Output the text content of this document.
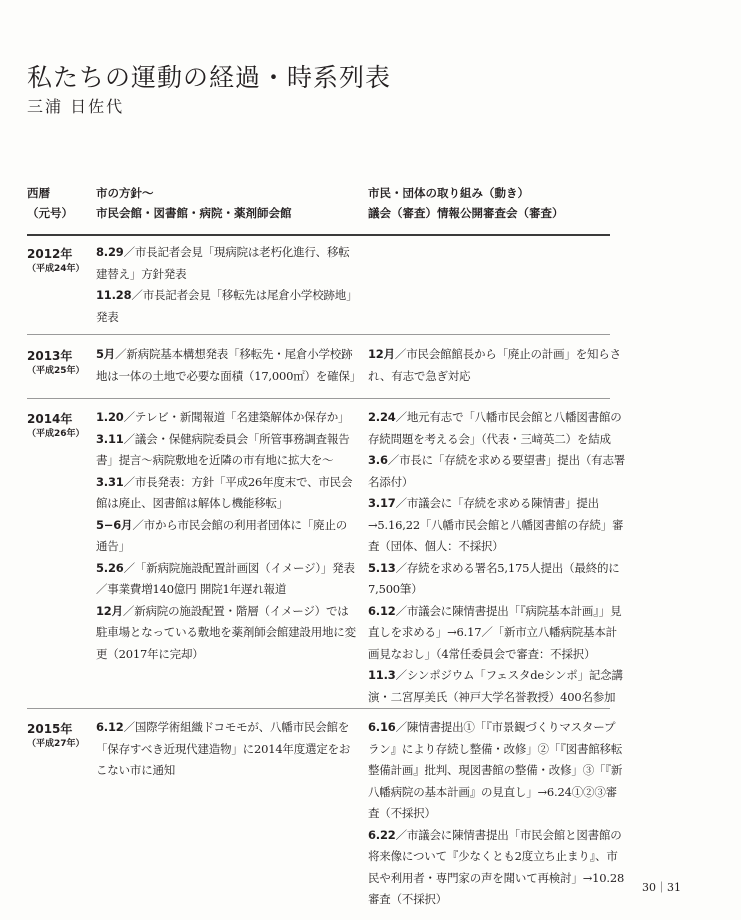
私たちの運動の経過・時系列表
三浦 日佐代
西暦
（元号）
市の方針〜
市民会館・図書館・病院・薬剤師会館
市民・団体の取り組み（動き）
議会（審査）情報公開審査会（審査）
2012年
（平成24年）

8.29／市長記者会見「現病院は老朽化進行、移転建替え」方針発表

11.28／市長記者会見「移転先は尾倉小学校跡地」発表

2013年
（平成25年）

5月／新病院基本構想発表「移転先・尾倉小学校跡地は一体の土地で必要な面積（17,000㎡）を確保」

12月／市民会館館長から「廃止の計画」を知らされ、有志で急ぎ対応

2014年
（平成26年）

1.20／テレビ・新聞報道「名建築解体か保存か」

3.11／議会・保健病院委員会「所管事務調査報告書」提言〜病院敷地を近隣の市有地に拡大を〜

3.31／市長発表：方針「平成26年度末で、市民会館は廃止、図書館は解体し機能移転」

5−6月／市から市民会館の利用者団体に「廃止の通告」

5.26／「新病院施設配置計画図（イメージ）」発表／事業費増140億円 開院1年遅れ報道

12月／新病院の施設配置・階層（イメージ）では駐車場となっている敷地を薬剤師会館建設用地に変更（2017年に完却）

2.24／地元有志で「八幡市民会館と八幡図書館の存続問題を考える会」（代表・三﨑英二）を結成

3.6／市長に「存続を求める要望書」提出（有志署名添付）

3.17／市議会に「存続を求める陳情書」提出→5.16,22「八幡市民会館と八幡図書館の存続」審査（団体、個人：不採択）

5.13／存続を求める署名5,175人提出（最終的に7,500筆）

6.12／市議会に陳情書提出「『病院基本計画』」見直しを求める」→6.17／「新市立八幡病院基本計画見なおし」（4常任委員会で審査：不採択）

11.3／シンポジウム「フェスタdeシンポ」記念講演・二宮厚美氏（神戸大学名誉教授）400名参加

2015年
（平成27年）

6.12／国際学術組織ドコモモが、八幡市民会館を「保存すべき近現代建造物」に2014年度選定をおこない市に通知

6.16／陳情書提出①「『市景観づくりマスタープラン』により存続し整備・改修」②「『図書館移転整備計画』批判、現図書館の整備・改修」③「『新八幡病院の基本計画』の見直し」→6.24①②③審査（不採択）

6.22／市議会に陳情書提出「市民会館と図書館の将来像について『少なくとも2度立ち止まり』、市民や利用者・専門家の声を聞いて再検討」→10.28審査（不採択）

30｜31
